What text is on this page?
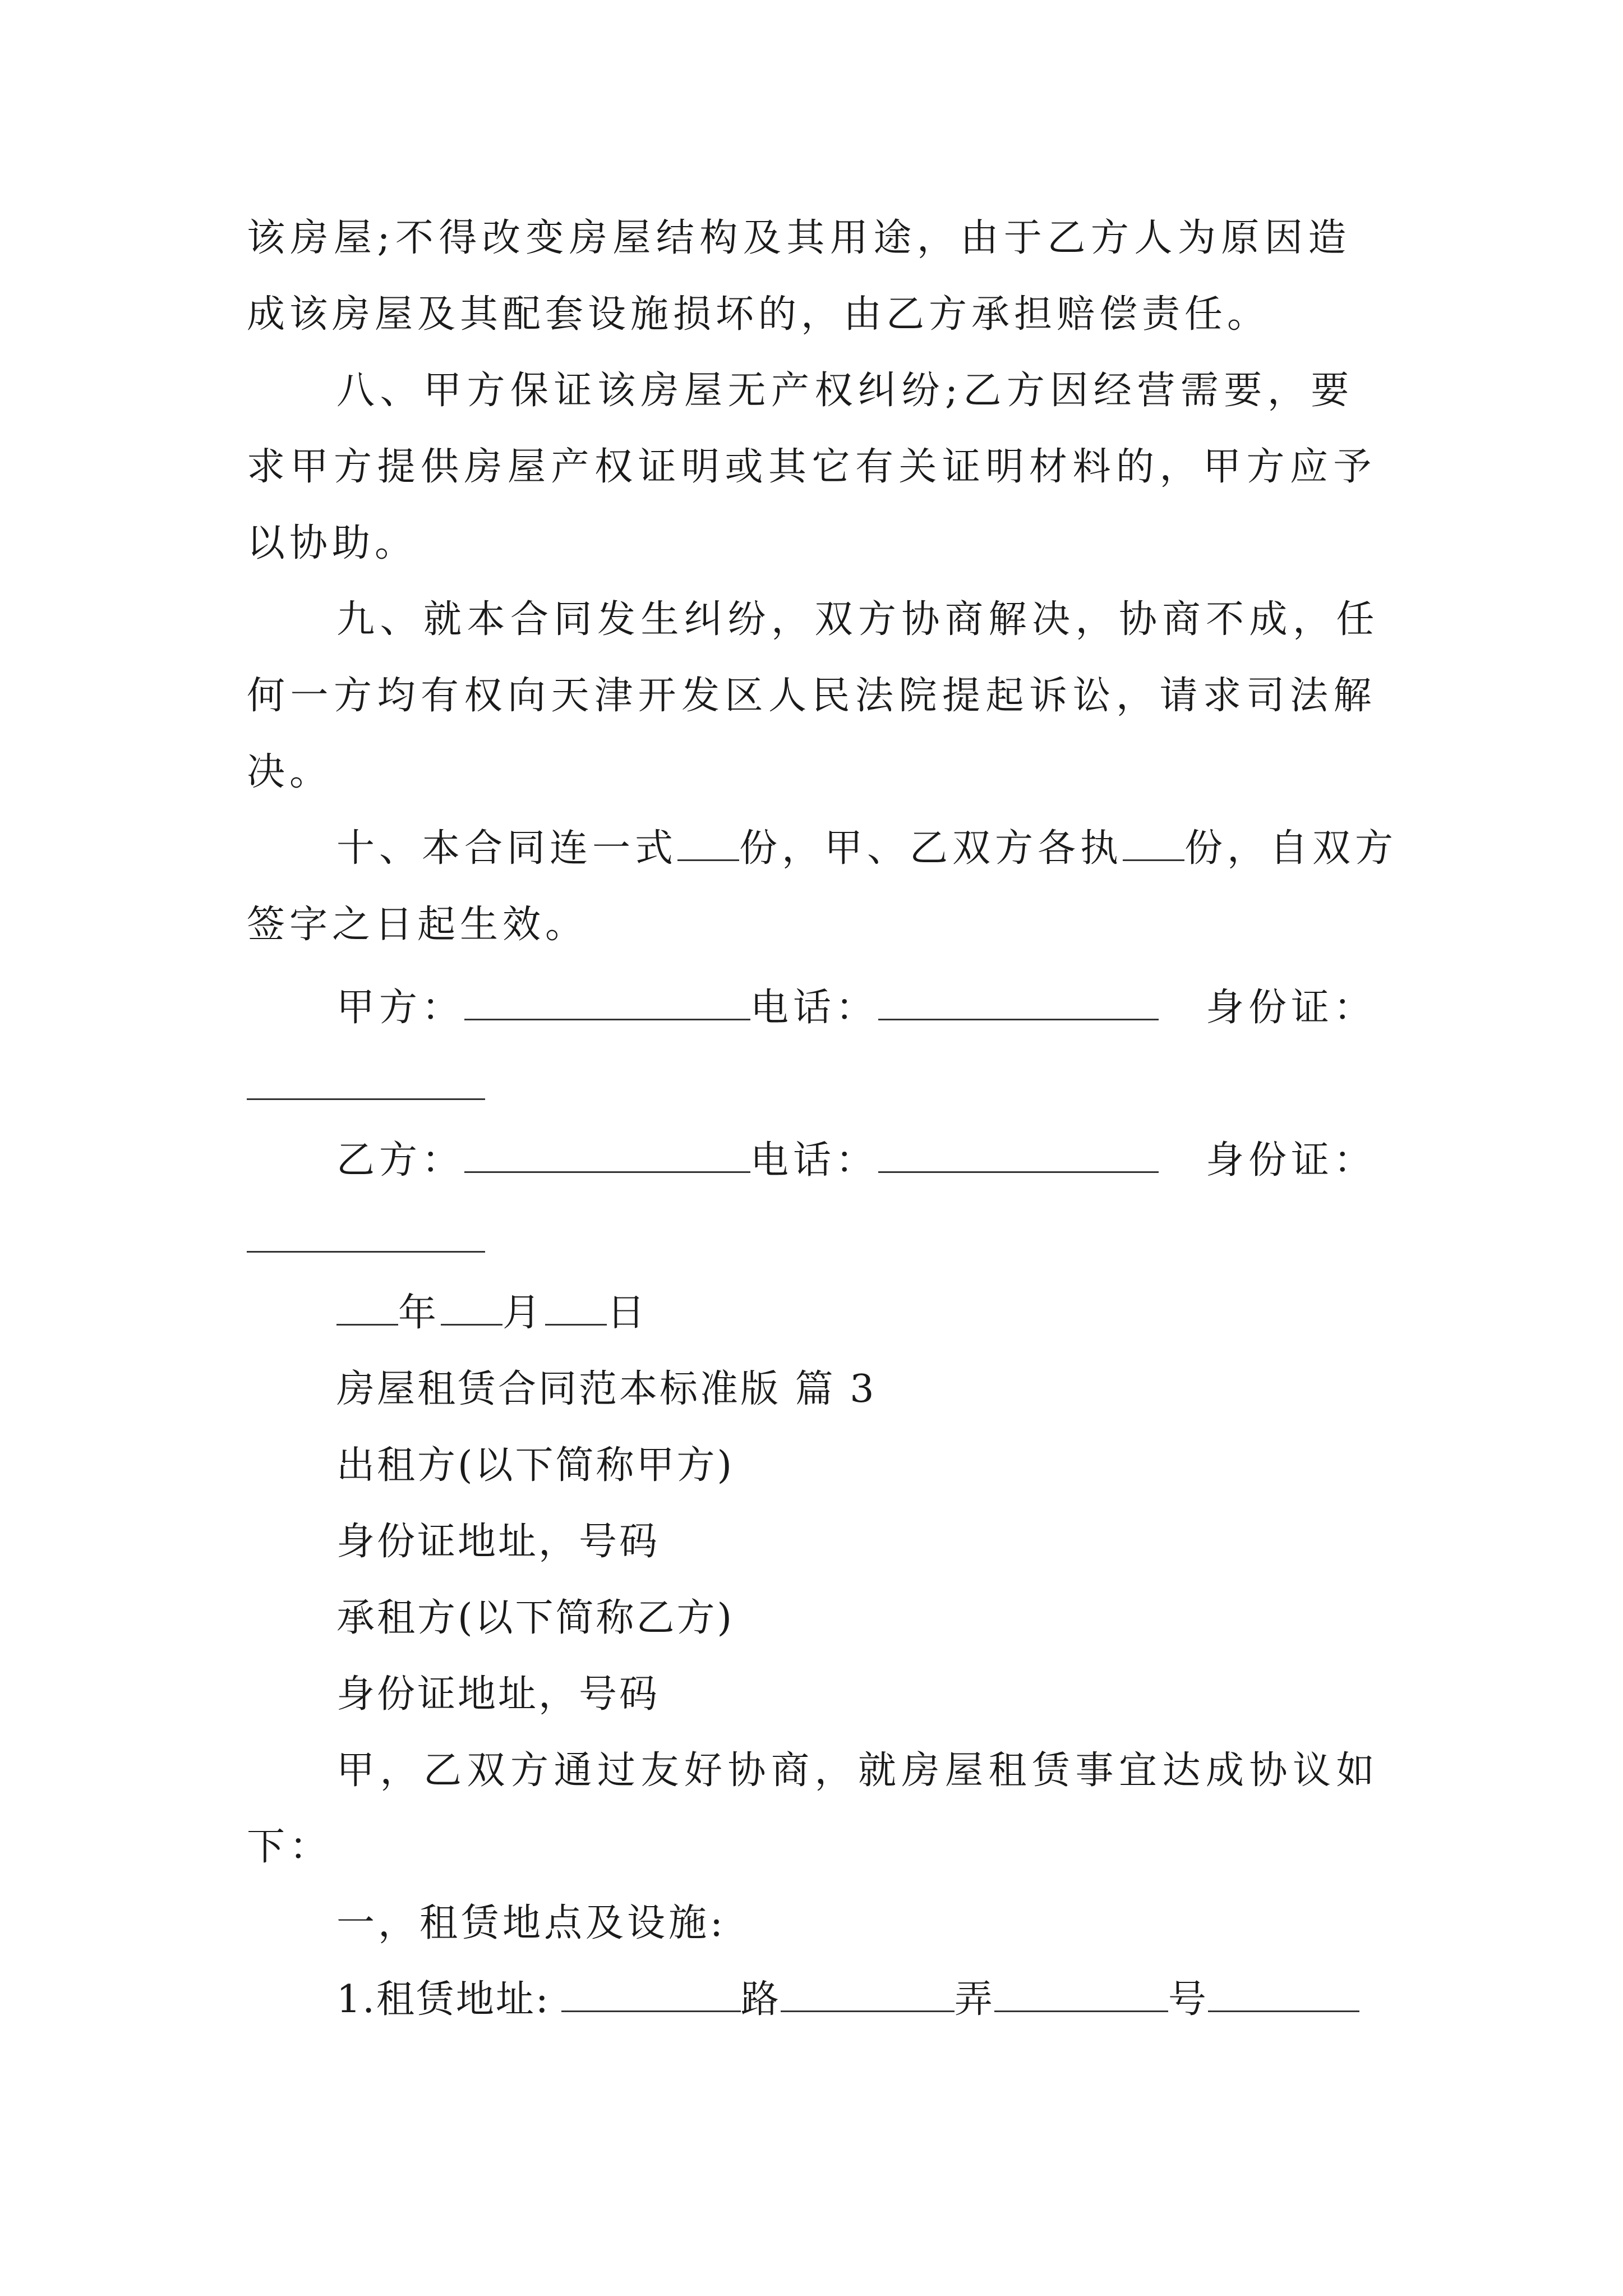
该房屋;不得改变房屋结构及其用途，由于乙方人为原因造
成该房屋及其配套设施损坏的，由乙方承担赔偿责任。
八、甲方保证该房屋无产权纠纷;乙方因经营需要，要
求甲方提供房屋产权证明或其它有关证明材料的，甲方应予
以协助。
九、就本合同发生纠纷，双方协商解决，协商不成，任
何一方均有权向天津开发区人民法院提起诉讼，请求司法解
决。
十、本合同连一式 份，甲、乙双方各执 份，自双方
签字之日起生效。
甲方：	电话：	身份证：
乙方：	电话：	身份证：
年 月 日
房屋租赁合同范本标准版 篇 3
出租方(以下简称甲方)
身份证地址，号码
承租方(以下简称乙方)
身份证地址，号码
甲，乙双方通过友好协商，就房屋租赁事宜达成协议如
下：
一，租赁地点及设施:
1.租赁地址:	路	弄	号
